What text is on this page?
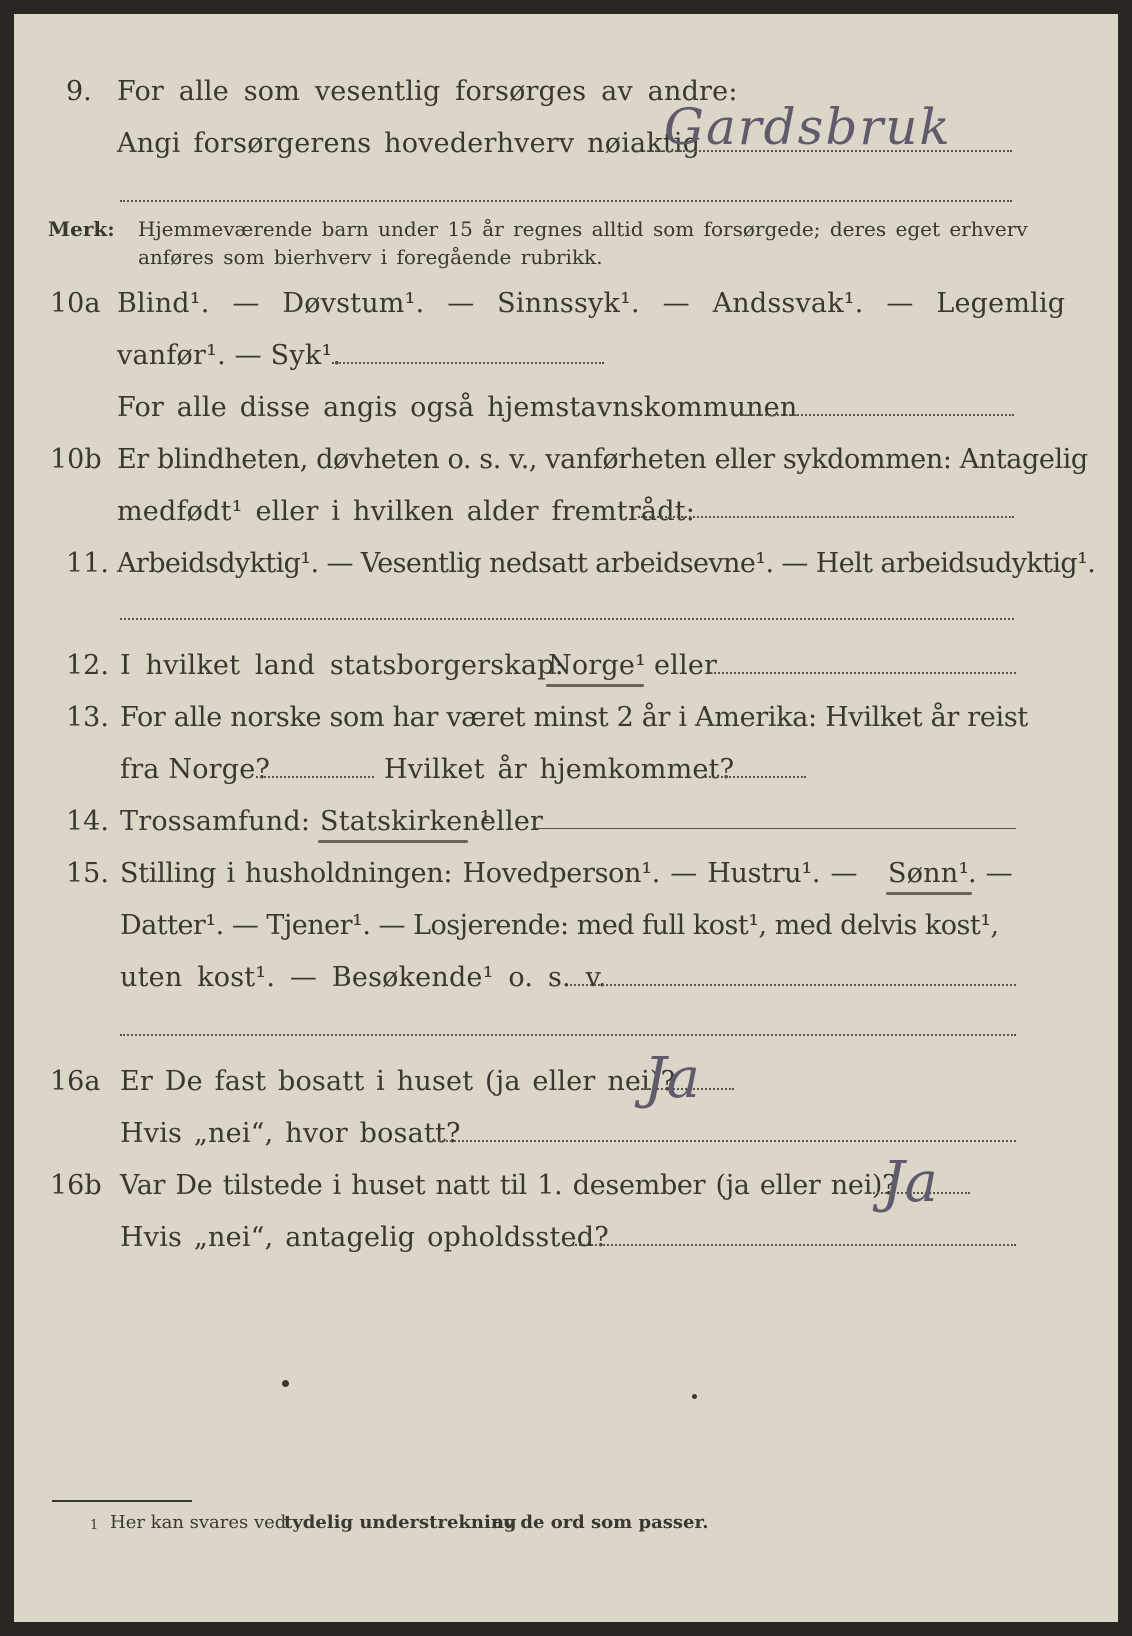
9. For alle som vesentlig forsørges av andre:
Angi forsørgerens hovederhverv nøiaktig
Gardsbruk
Merk: Hjemmeværende barn under 15 år regnes alltid som forsørgede; deres eget erhverv
anføres som bierhverv i foregående rubrikk.
10a Blind¹. — Døvstum¹. — Sinnssyk¹. — Andssvak¹. — Legemlig
vanfør¹. — Syk¹.
For alle disse angis også hjemstavnskommunen
10b Er blindheten, døvheten o. s. v., vanførheten eller sykdommen: Antagelig
medfødt¹ eller i hvilken alder fremtrådt:
11. Arbeidsdyktig¹. — Vesentlig nedsatt arbeidsevne¹. — Helt arbeidsudyktig¹.
12. I hvilket land statsborgerskap:
Norge¹ eller
13. For alle norske som har været minst 2 år i Amerika: Hvilket år reist
fra Norge?	Hvilket år hjemkommet?
14. Trossamfund: Statskirken¹
eller
15. Stilling i husholdningen: Hovedperson¹. — Hustru¹. — Sønn¹
. —
Datter¹. — Tjener¹. — Losjerende: med full kost¹, med delvis kost¹,
uten kost¹. — Besøkende¹ o. s. v.
16a Er De fast bosatt i huset (ja eller nei)?
Ja
Hvis „nei“, hvor bosatt?
16b Var De tilstede i huset natt til 1. desember (ja eller nei)?
Ja
Hvis „nei“, antagelig opholdssted?
1 Her kan svares ved
tydelig understrekning
av de ord som passer.
